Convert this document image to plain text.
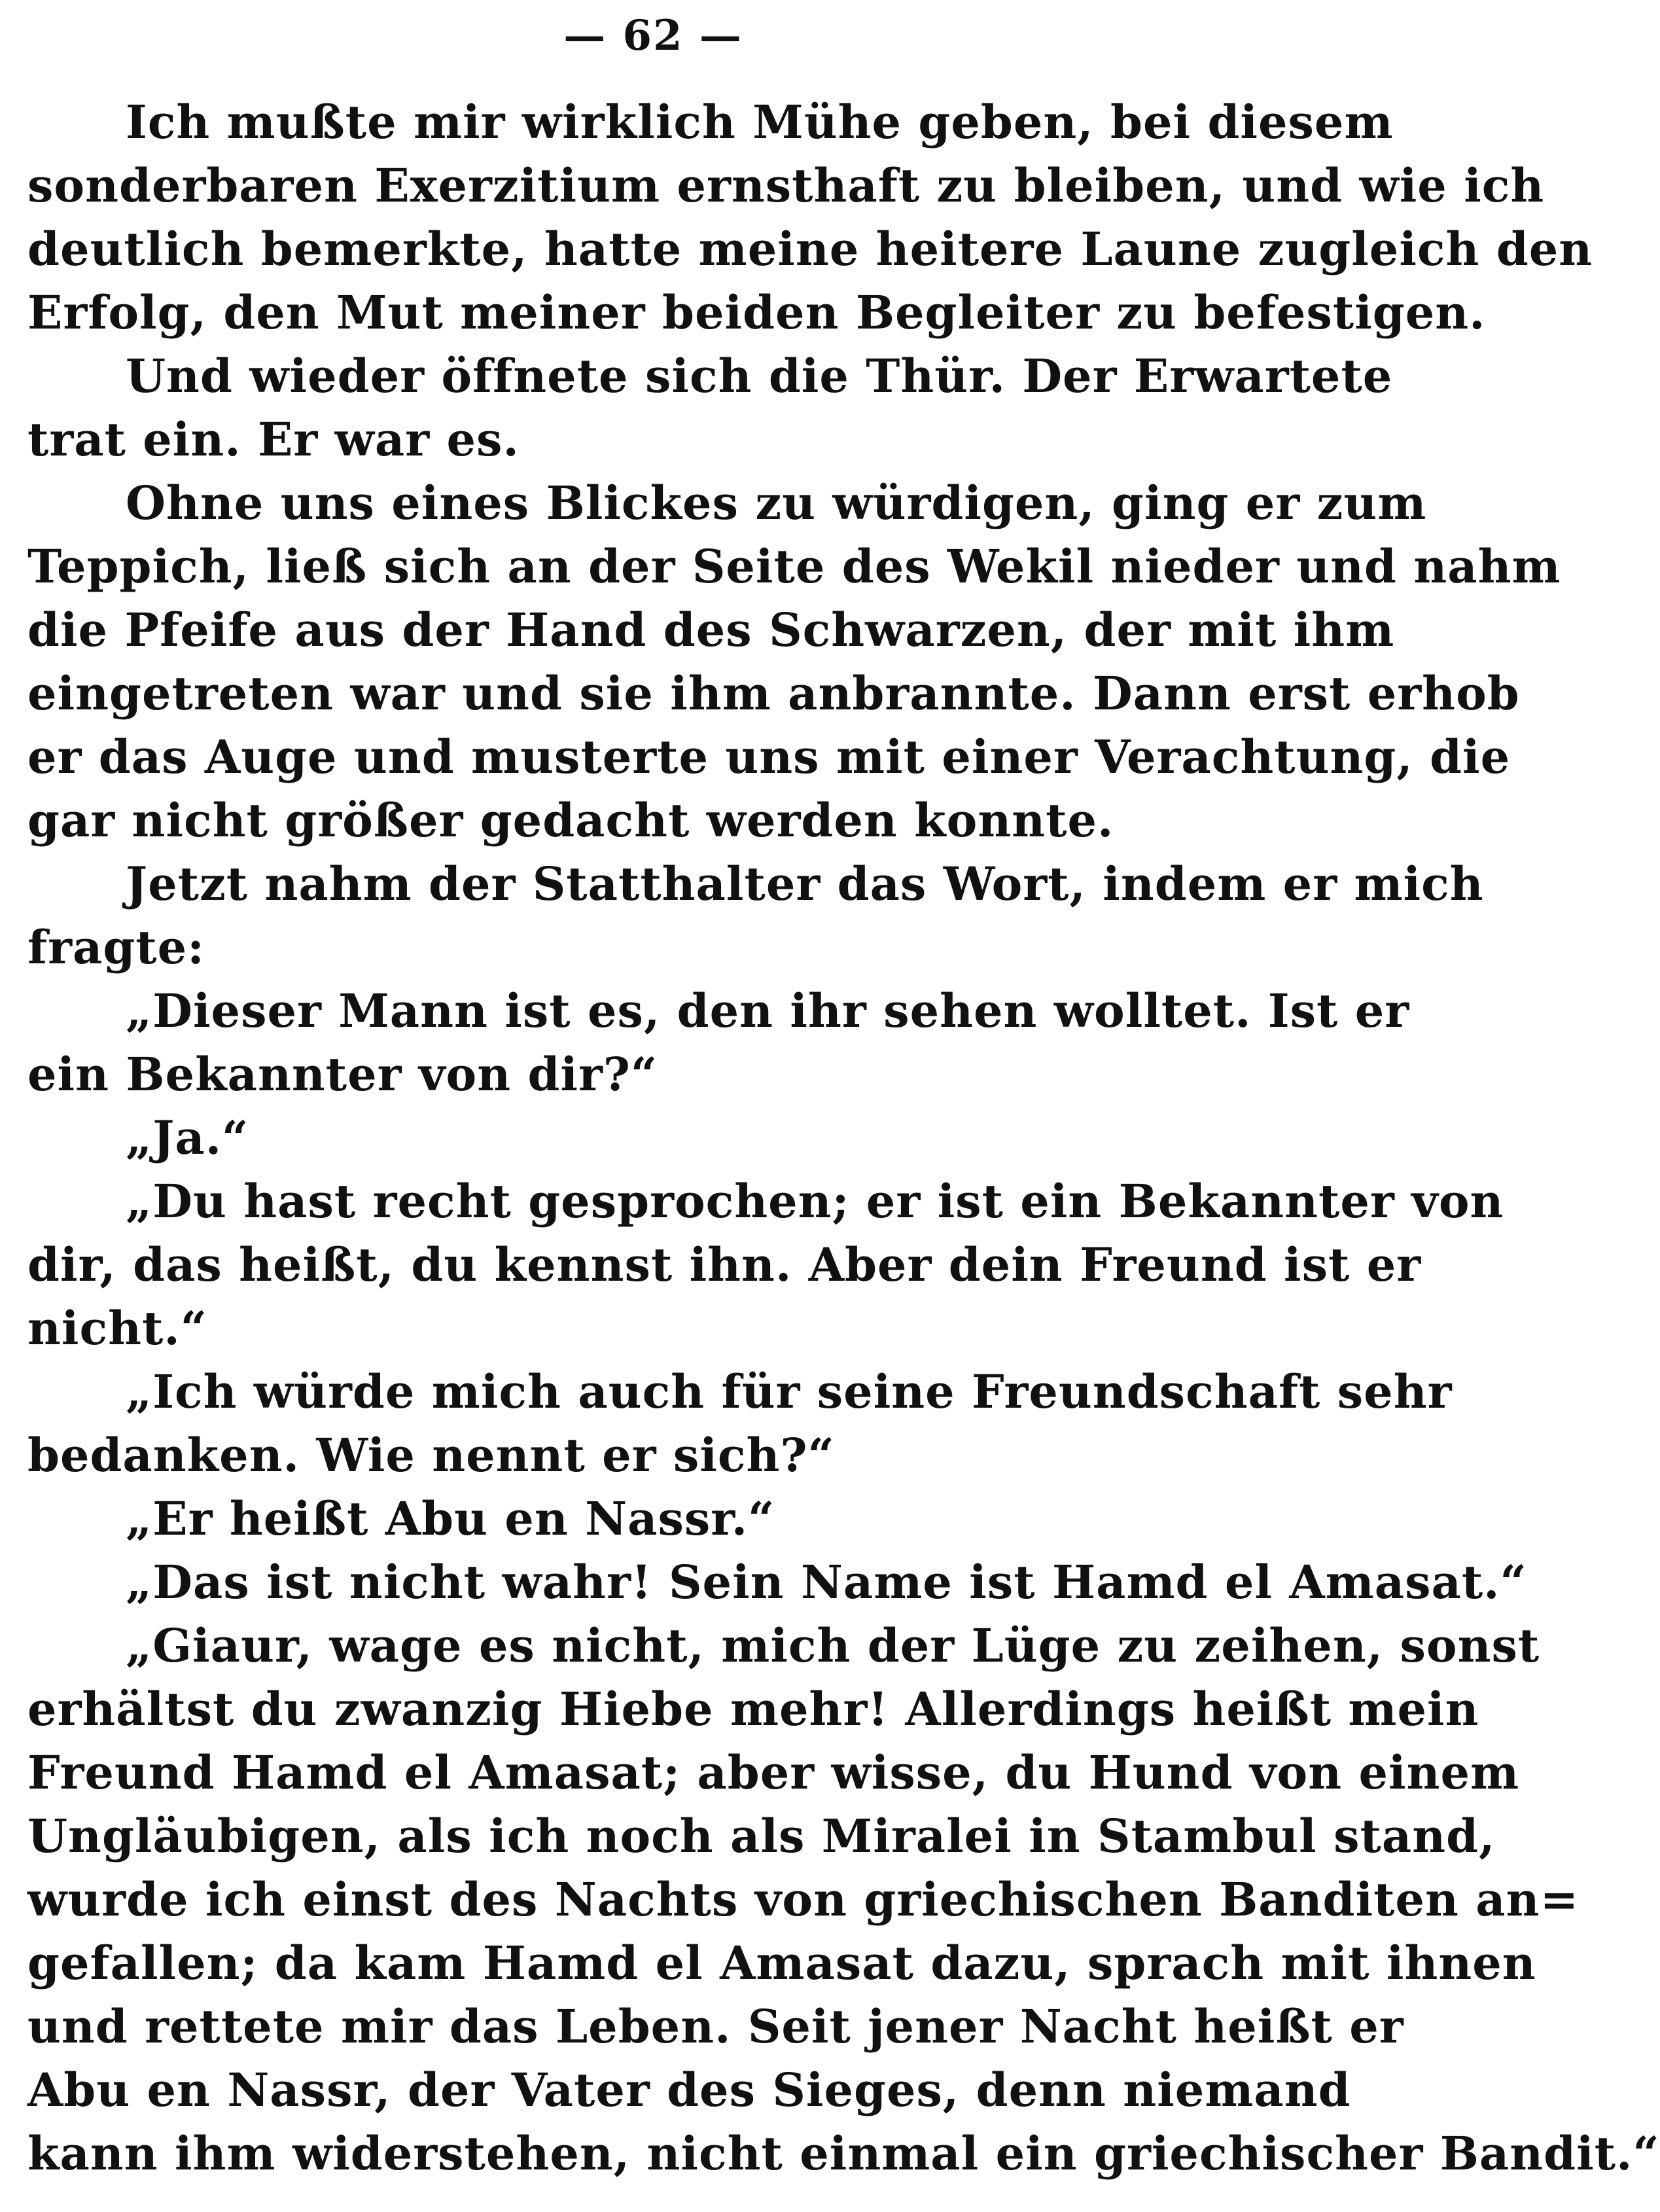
— 62 —
Ich mußte mir wirklich Mühe geben, bei diesem
sonderbaren Exerzitium ernsthaft zu bleiben, und wie ich
deutlich bemerkte, hatte meine heitere Laune zugleich den
Erfolg, den Mut meiner beiden Begleiter zu befestigen.
Und wieder öffnete sich die Thür. Der Erwartete
trat ein. Er war es.
Ohne uns eines Blickes zu würdigen, ging er zum
Teppich, ließ sich an der Seite des Wekil nieder und nahm
die Pfeife aus der Hand des Schwarzen, der mit ihm
eingetreten war und sie ihm anbrannte. Dann erst erhob
er das Auge und musterte uns mit einer Verachtung, die
gar nicht größer gedacht werden konnte.
Jetzt nahm der Statthalter das Wort, indem er mich
fragte:
„Dieser Mann ist es, den ihr sehen wolltet. Ist er
ein Bekannter von dir?“
„Ja.“
„Du hast recht gesprochen; er ist ein Bekannter von
dir, das heißt, du kennst ihn. Aber dein Freund ist er
nicht.“
„Ich würde mich auch für seine Freundschaft sehr
bedanken. Wie nennt er sich?“
„Er heißt Abu en Nassr.“
„Das ist nicht wahr! Sein Name ist Hamd el Amasat.“
„Giaur, wage es nicht, mich der Lüge zu zeihen, sonst
erhältst du zwanzig Hiebe mehr! Allerdings heißt mein
Freund Hamd el Amasat; aber wisse, du Hund von einem
Ungläubigen, als ich noch als Miralei in Stambul stand,
wurde ich einst des Nachts von griechischen Banditen an=
gefallen; da kam Hamd el Amasat dazu, sprach mit ihnen
und rettete mir das Leben. Seit jener Nacht heißt er
Abu en Nassr, der Vater des Sieges, denn niemand
kann ihm widerstehen, nicht einmal ein griechischer Bandit.“
